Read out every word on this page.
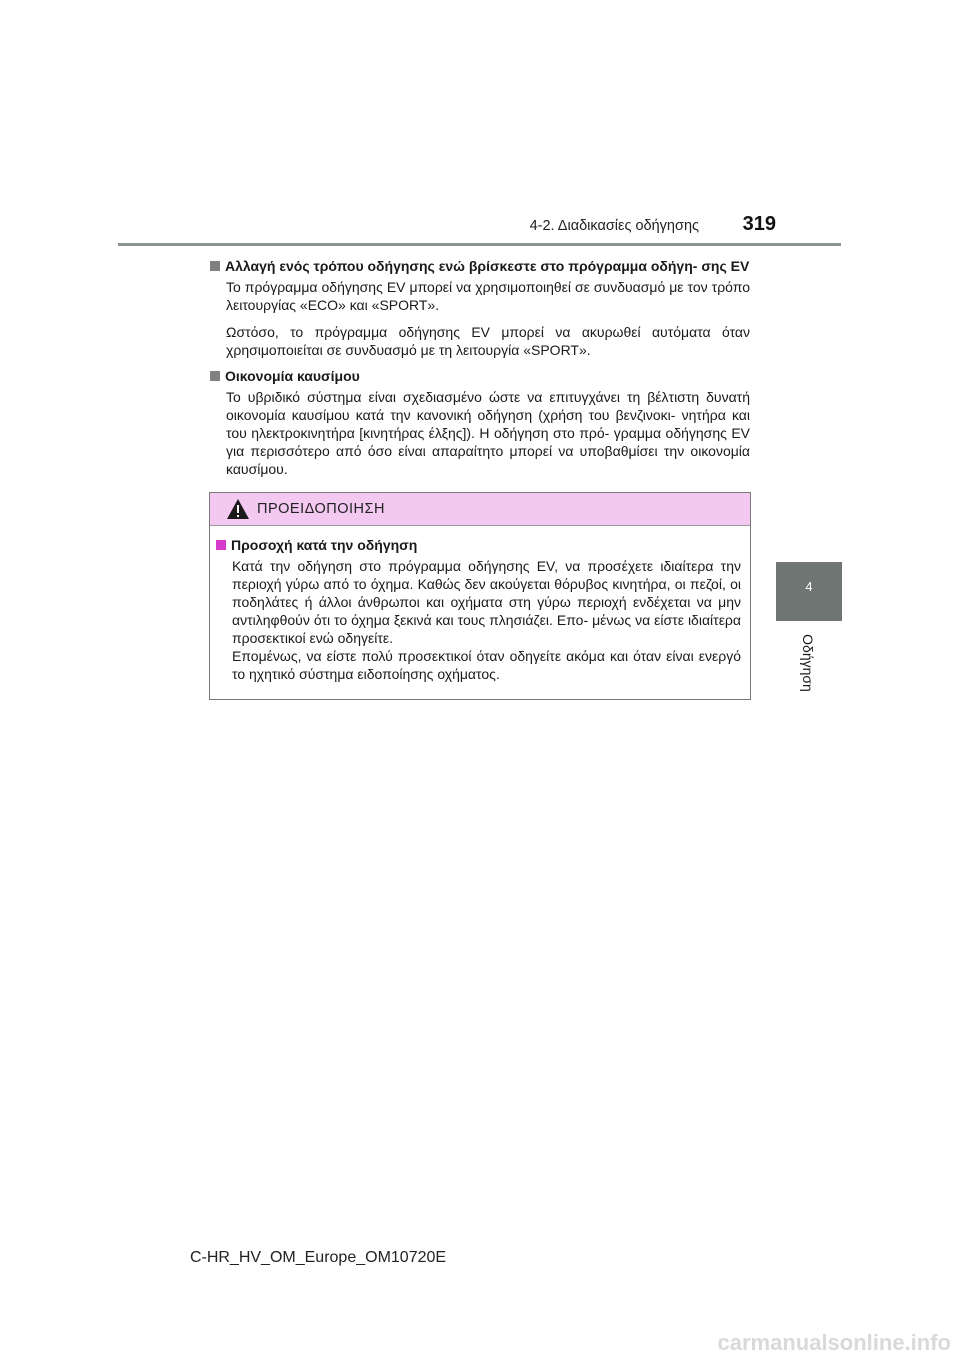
4-2. Διαδικασίες οδήγησης	319
4
Οδήγηση
Αλλαγή ενός τρόπου οδήγησης ενώ βρίσκεστε στο πρόγραμμα οδήγη- σης EV
Το πρόγραμμα οδήγησης EV μπορεί να χρησιμοποιηθεί σε συνδυασμό με τον τρόπο λειτουργίας «ECO» και «SPORT».
Ωστόσο, το πρόγραμμα οδήγησης EV μπορεί να ακυρωθεί αυτόματα όταν χρησιμοποιείται σε συνδυασμό με τη λειτουργία «SPORT».
Οικονομία καυσίμου
Το υβριδικό σύστημα είναι σχεδιασμένο ώστε να επιτυγχάνει τη βέλτιστη δυνατή οικονομία καυσίμου κατά την κανονική οδήγηση (χρήση του βενζινοκι- νητήρα και του ηλεκτροκινητήρα [κινητήρας έλξης]). Η οδήγηση στο πρό- γραμμα οδήγησης EV για περισσότερο από όσο είναι απαραίτητο μπορεί να υποβαθμίσει την οικονομία καυσίμου.
ΠΡΟΕΙΔΟΠΟΙΗΣΗ
Προσοχή κατά την οδήγηση
Κατά την οδήγηση στο πρόγραμμα οδήγησης EV, να προσέχετε ιδιαίτερα την περιοχή γύρω από το όχημα. Καθώς δεν ακούγεται θόρυβος κινητήρα, οι πεζοί, οι ποδηλάτες ή άλλοι άνθρωποι και οχήματα στη γύρω περιοχή ενδέχεται να μην αντιληφθούν ότι το όχημα ξεκινά και τους πλησιάζει. Επο- μένως να είστε ιδιαίτερα προσεκτικοί ενώ οδηγείτε.
Επομένως, να είστε πολύ προσεκτικοί όταν οδηγείτε ακόμα και όταν είναι ενεργό το ηχητικό σύστημα ειδοποίησης οχήματος.
C-HR_HV_OM_Europe_OM10720E
carmanualsonline.info
